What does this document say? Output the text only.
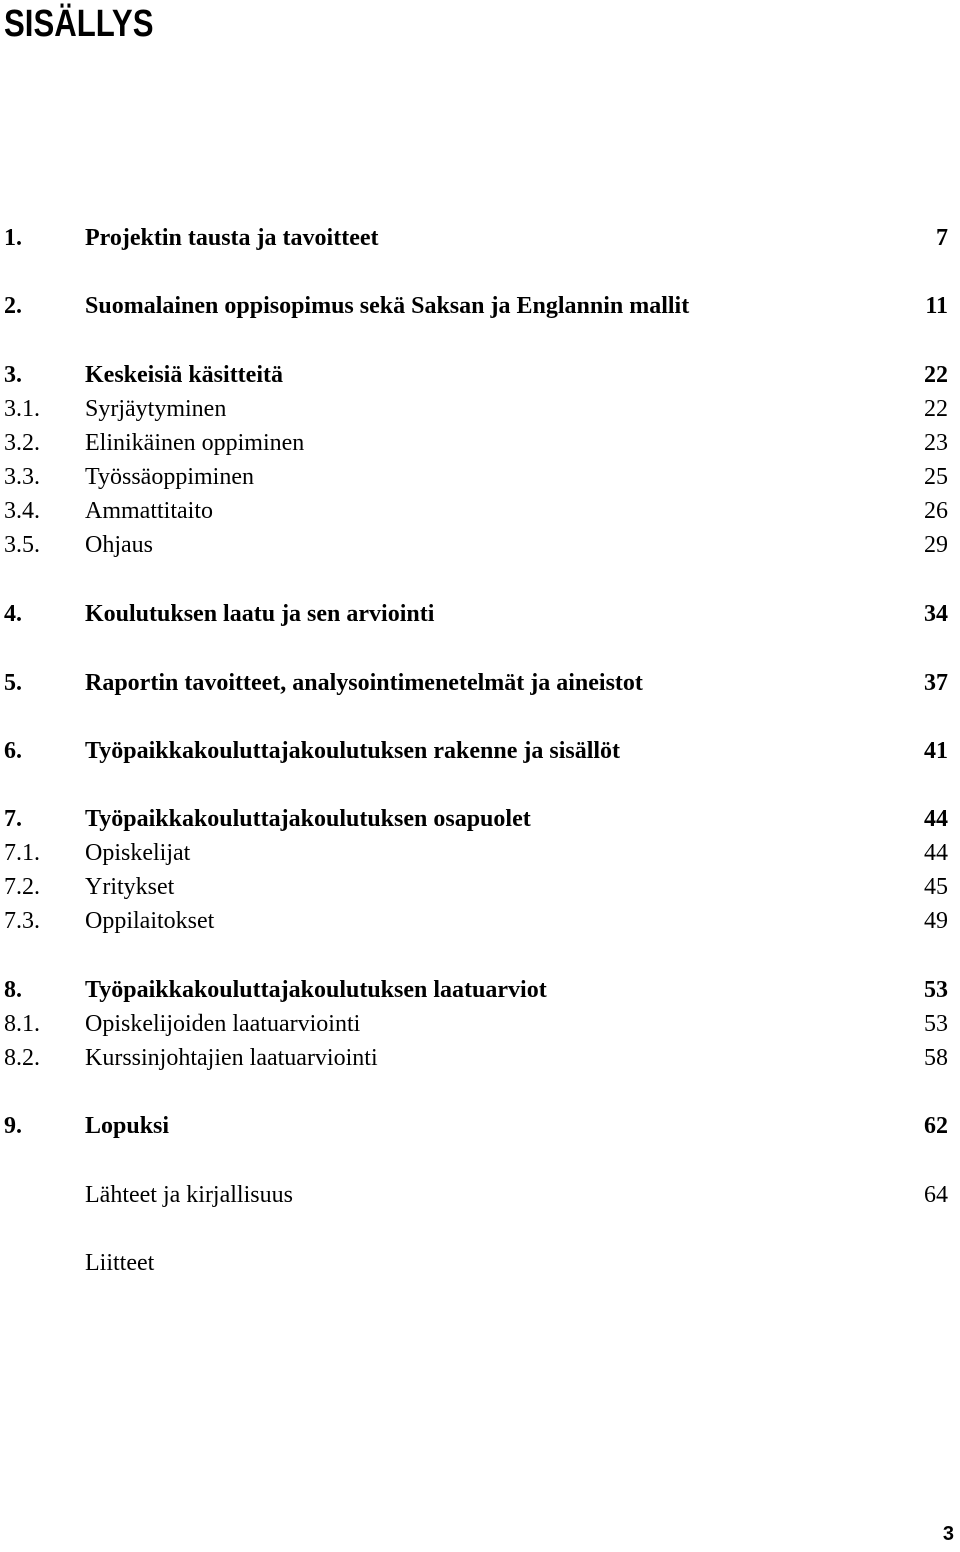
SISÄLLYS
1.	Projektin tausta ja tavoitteet	7
2.	Suomalainen oppisopimus sekä Saksan ja Englannin mallit	11
3.	Keskeisiä käsitteitä	22
3.1. Syrjäytyminen	22
3.2. Elinikäinen oppiminen	23
3.3. Työssäoppiminen	25
3.4. Ammattitaito	26
3.5. Ohjaus	29
4.	Koulutuksen laatu ja sen arviointi	34
5.	Raportin tavoitteet, analysointimenetelmät ja aineistot	37
6.	Työpaikkakouluttajakoulutuksen rakenne ja sisällöt	41
7.	Työpaikkakouluttajakoulutuksen osapuolet	44
7.1. Opiskelijat	44
7.2. Yritykset	45
7.3. Oppilaitokset	49
8.	Työpaikkakouluttajakoulutuksen laatuarviot	53
8.1. Opiskelijoiden laatuarviointi	53
8.2. Kurssinjohtajien laatuarviointi	58
9.	Lopuksi	62
Lähteet ja kirjallisuus	64
Liitteet
3
